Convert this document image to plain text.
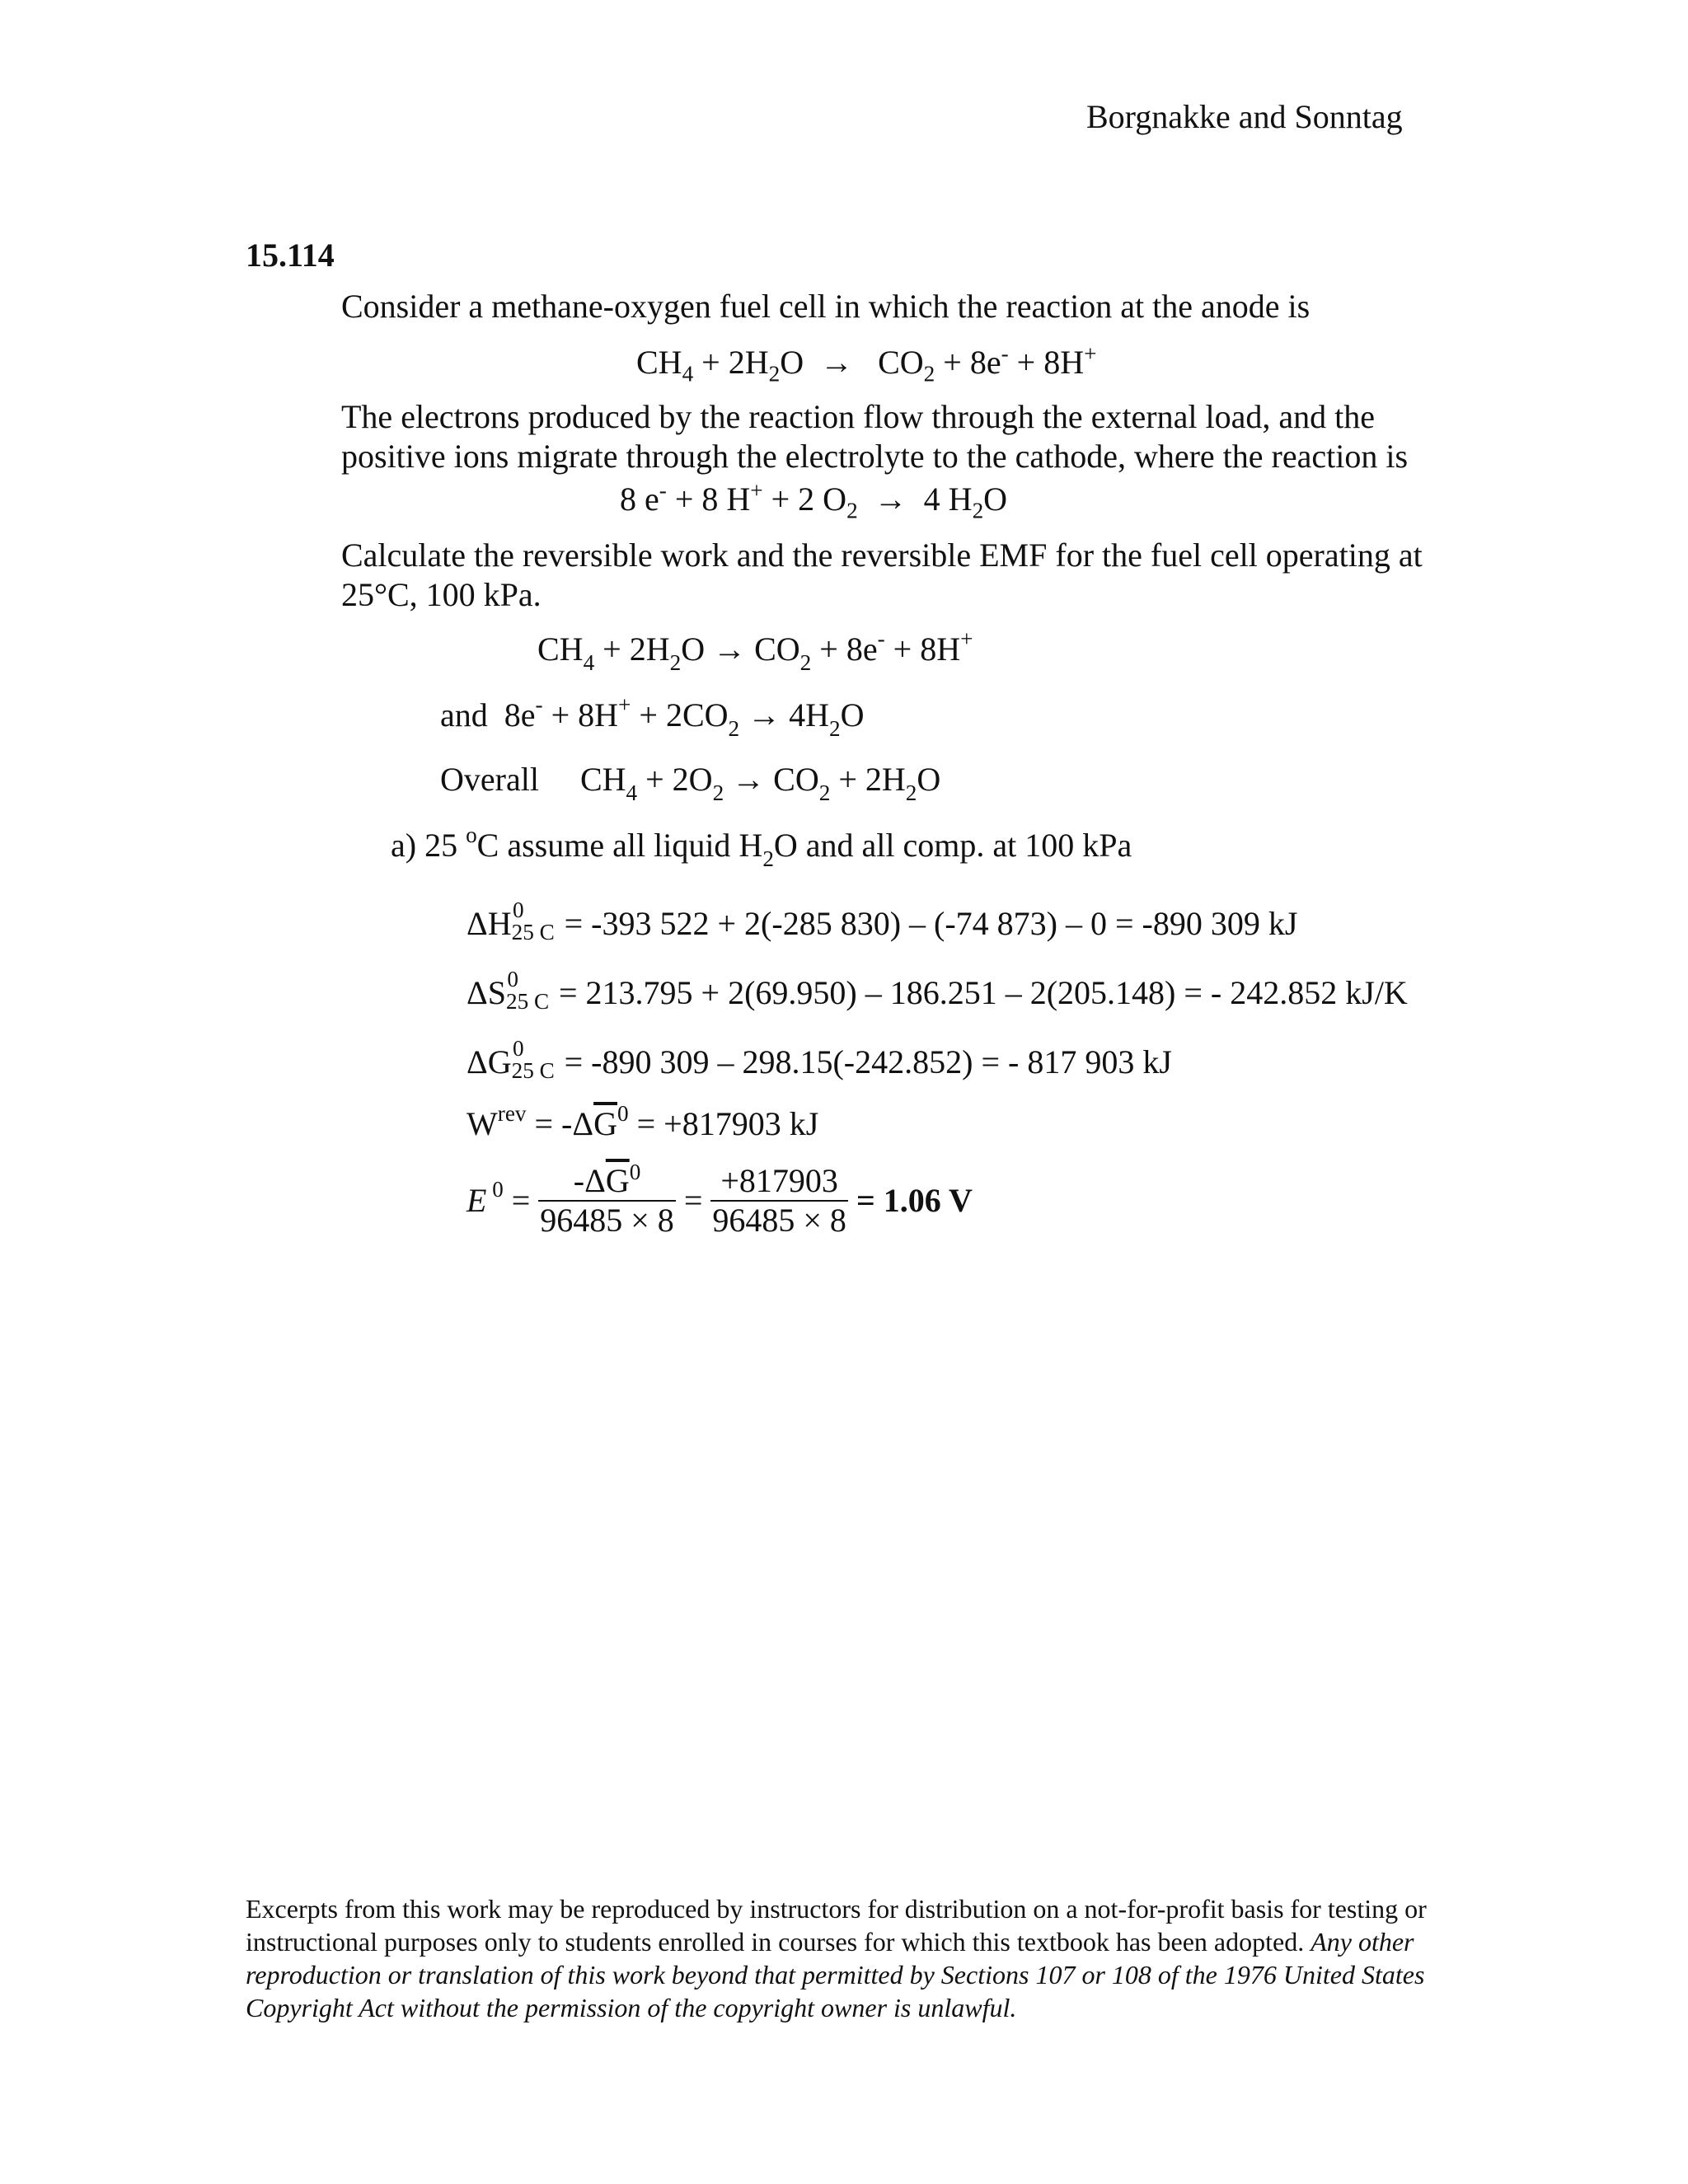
Borgnakke and Sonntag
15.114
Consider a methane-oxygen fuel cell in which the reaction at the anode is
$CH_4 + 2H_2O \to CO_2 + 8e^- + 8H^+$
The electrons produced by the reaction flow through the external load, and the positive ions migrate through the electrolyte to the cathode, where the reaction is
8 e- + 8 H+ + 2 $O_2 \to 4$ $H_2O$
Calculate the reversible work and the reversible EMF for the fuel cell operating at 25°C, 100 kPa.
$CH_4 + 2H_2O \to CO_2 + 8e^- + 8H^+$
and  $8e^- + 8H^+ + 2CO_2 \to 4H_2O$
Overall     $CH_4 + 2O_2 \to CO_2 + 2H_2O$
a) 25 $^o$C assume all liquid $H_2O$ and all comp. at 100 kPa
ΔH 0
25 C = -393 522 + 2(-285 830) – (-74 873) – 0 = -890 309 kJ
ΔS 0
25 C = 213.795 + 2(69.950) – 186.251 – 2(205.148) = - 242.852 kJ/K
ΔG 0
25 C = -890 309 – 298.15(-242.852) = - 817 903 kJ
$W^{rev} = -\Delta\overline{G}^0 = +817903$ kJ
E $^0 = \frac{-\Delta\overline{G}^0}{96485 \times 8} = \frac{+817903}{96485 \times 8} = 1.06$ V
Excerpts from this work may be reproduced by instructors for distribution on a not-for-profit basis for testing or instructional purposes only to students enrolled in courses for which this textbook has been adopted. Any other reproduction or translation of this work beyond that permitted by Sections 107 or 108 of the 1976 United States Copyright Act without the permission of the copyright owner is unlawful.
